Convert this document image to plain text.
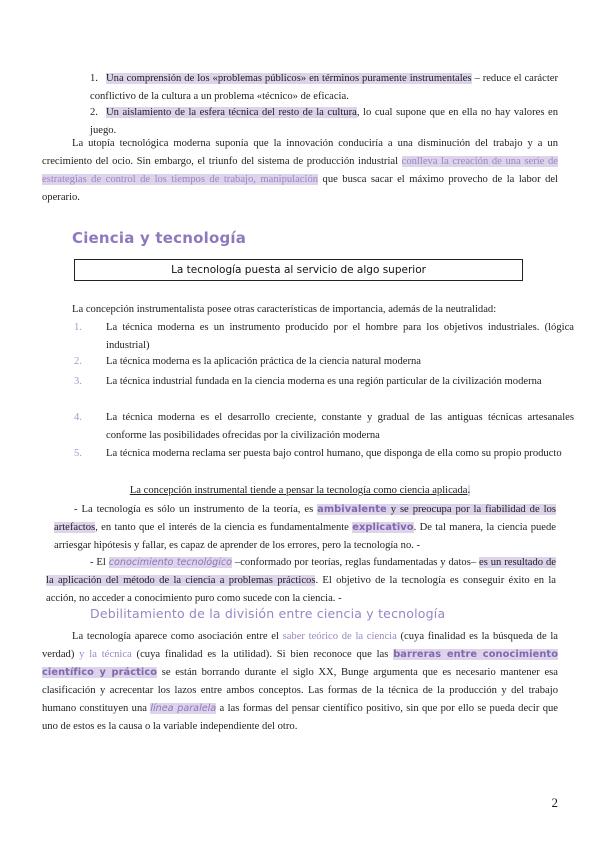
1. Una comprensión de los «problemas públicos» en términos puramente instrumentales – reduce el carácter conflictivo de la cultura a un problema «técnico» de eficacia.
2. Un aislamiento de la esfera técnica del resto de la cultura, lo cual supone que en ella no hay valores en juego.
La utopía tecnológica moderna suponía que la innovación conduciría a una disminución del trabajo y a un crecimiento del ocio. Sin embargo, el triunfo del sistema de producción industrial conlleva la creación de una serie de estrategias de control de los tiempos de trabajo, manipulación que busca sacar el máximo provecho de la labor del operario.
Ciencia y tecnología
La tecnología puesta al servicio de algo superior
La concepción instrumentalista posee otras características de importancia, además de la neutralidad:
1. La técnica moderna es un instrumento producido por el hombre para los objetivos industriales. (lógica industrial)
2. La técnica moderna es la aplicación práctica de la ciencia natural moderna
3. La técnica industrial fundada en la ciencia moderna es una región particular de la civilización moderna
4. La técnica moderna es el desarrollo creciente, constante y gradual de las antiguas técnicas artesanales conforme las posibilidades ofrecidas por la civilización moderna
5. La técnica moderna reclama ser puesta bajo control humano, que disponga de ella como su propio producto
La concepción instrumental tiende a pensar la tecnología como ciencia aplicada.
- La tecnología es sólo un instrumento de la teoría, es ambivalente y se preocupa por la fiabilidad de los artefactos, en tanto que el interés de la ciencia es fundamentalmente explicativo. De tal manera, la ciencia puede arriesgar hipótesis y fallar, es capaz de aprender de los errores, pero la tecnología no. -
- El conocimiento tecnológico –conformado por teorías, reglas fundamentadas y datos– es un resultado de la aplicación del método de la ciencia a problemas prácticos. El objetivo de la tecnología es conseguir éxito en la acción, no acceder a conocimiento puro como sucede con la ciencia. -
Debilitamiento de la división entre ciencia y tecnología
La tecnología aparece como asociación entre el saber teórico de la ciencia (cuya finalidad es la búsqueda de la verdad) y la técnica (cuya finalidad es la utilidad). Si bien reconoce que las barreras entre conocimiento científico y práctico se están borrando durante el siglo XX, Bunge argumenta que es necesario mantener esa clasificación y acrecentar los lazos entre ambos conceptos. Las formas de la técnica de la producción y del trabajo humano constituyen una línea paralela a las formas del pensar científico positivo, sin que por ello se pueda decir que uno de estos es la causa o la variable independiente del otro.
2
